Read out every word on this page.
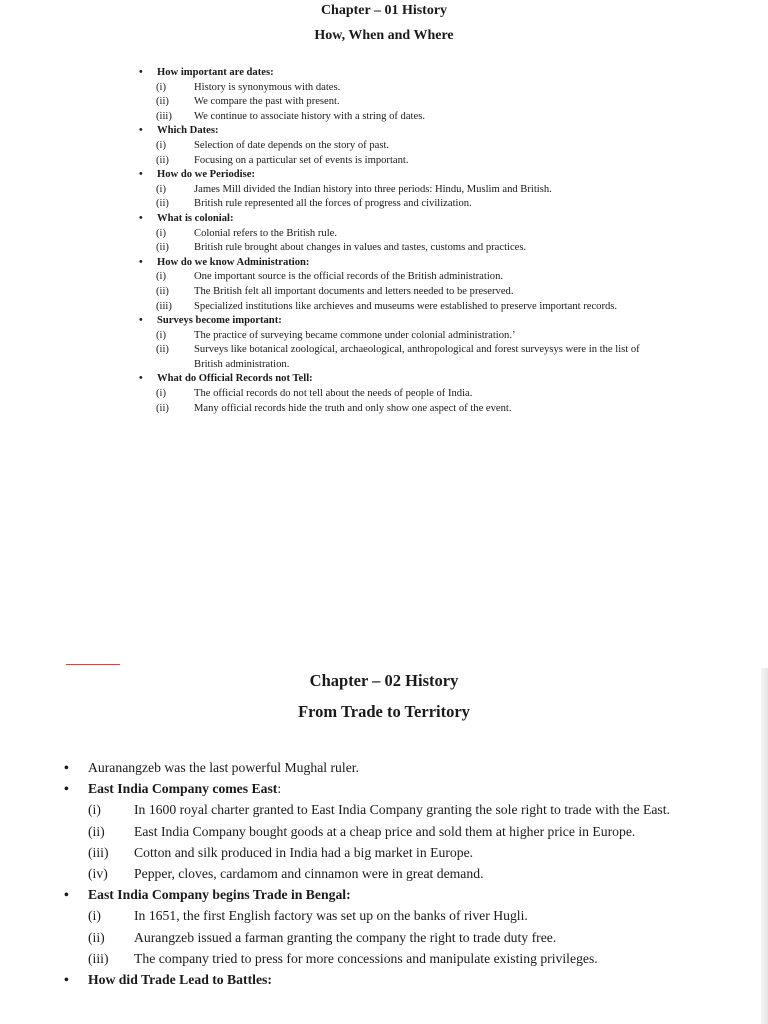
Chapter – 01 History
How, When and Where
• How important are dates:
(i)	History is synonymous with dates.
(ii)	We compare the past with present.
(iii)	We continue to associate history with a string of dates.
• Which Dates:
(i)	Selection of date depends on the story of past.
(ii)	Focusing on a particular set of events is important.
• How do we Periodise:
(i)	James Mill divided the Indian history into three periods: Hindu, Muslim and British.
(ii)	British rule represented all the forces of progress and civilization.
• What is colonial:
(i)	Colonial refers to the British rule.
(ii)	British rule brought about changes in values and tastes, customs and practices.
• How do we know Administration:
(i)	One important source is the official records of the British administration.
(ii)	The British felt all important documents and letters needed to be preserved.
(iii)	Specialized institutions like archieves and museums were established to preserve important records.
• Surveys become important:
(i)	The practice of surveying became commone under colonial administration.’
(ii)	Surveys like botanical zoological, archaeological, anthropological and forest surveysys were in the list of British administration.
• What do Official Records not Tell:
(i)	The official records do not tell about the needs of people of India.
(ii)	Many official records hide the truth and only show one aspect of the event.
Chapter – 02 History
From Trade to Territory
• Auranangzeb was the last powerful Mughal ruler.
• East India Company comes East:
(i)	In 1600 royal charter granted to East India Company granting the sole right to trade with the East.
(ii)	East India Company bought goods at a cheap price and sold them at higher price in Europe.
(iii)	Cotton and silk produced in India had a big market in Europe.
(iv)	Pepper, cloves, cardamom and cinnamon were in great demand.
• East India Company begins Trade in Bengal:
(i)	In 1651, the first English factory was set up on the banks of river Hugli.
(ii)	Aurangzeb issued a farman granting the company the right to trade duty free.
(iii)	The company tried to press for more concessions and manipulate existing privileges.
• How did Trade Lead to Battles:
